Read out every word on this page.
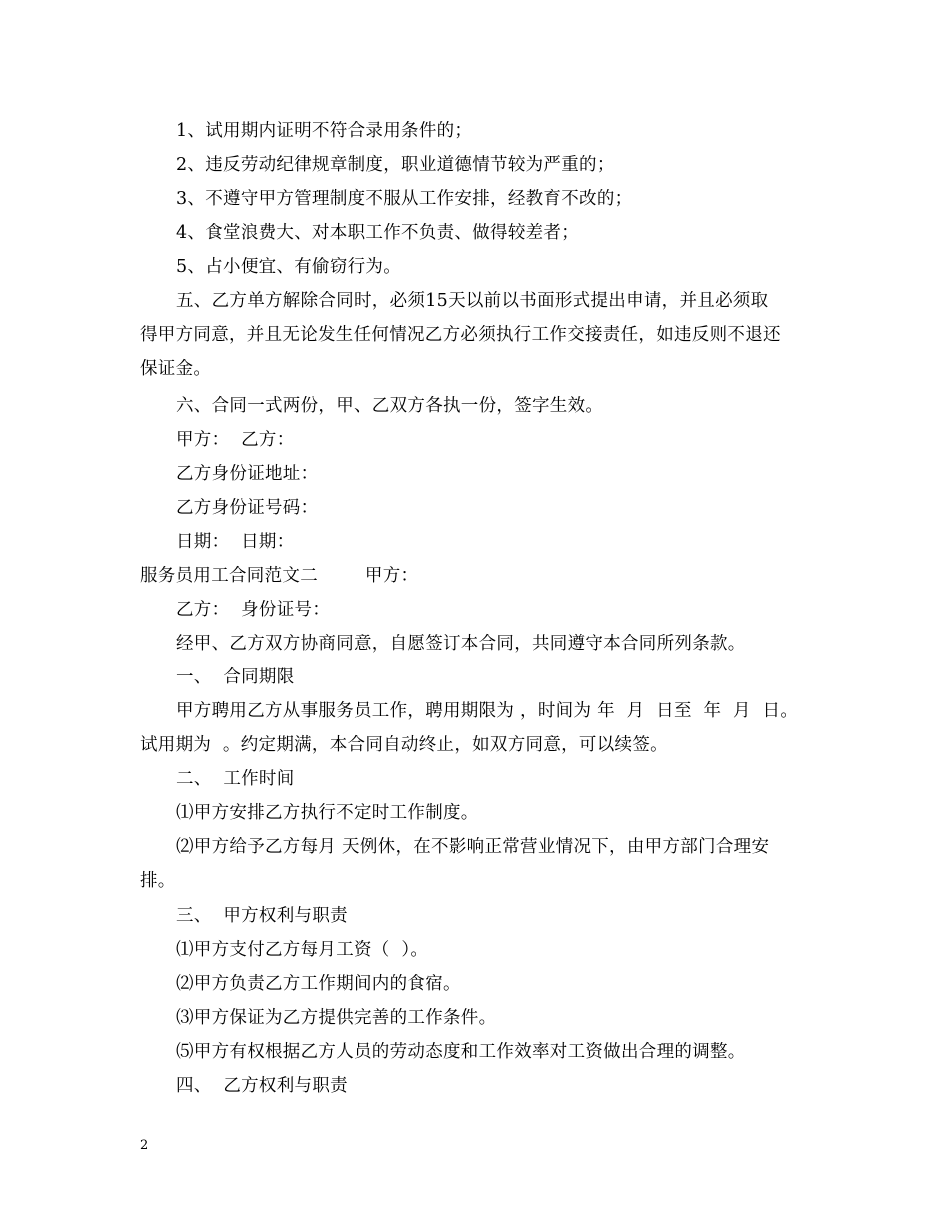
1、试用期内证明不符合录用条件的；
2、违反劳动纪律规章制度，职业道德情节较为严重的；
3、不遵守甲方管理制度不服从工作安排，经教育不改的；
4、食堂浪费大、对本职工作不负责、做得较差者；
5、占小便宜、有偷窃行为。
五、乙方单方解除合同时，必须15天以前以书面形式提出申请，并且必须取
得甲方同意，并且无论发生任何情况乙方必须执行工作交接责任，如违反则不退还
保证金。
六、合同一式两份，甲、乙双方各执一份，签字生效。
甲方：  乙方：
乙方身份证地址：
乙方身份证号码：
日期：  日期：
服务员用工合同范文二        甲方：
乙方：  身份证号：
经甲、乙方双方协商同意，自愿签订本合同，共同遵守本合同所列条款。
一、  合同期限
甲方聘用乙方从事服务员工作，聘用期限为 ，时间为 年  月  日至  年  月  日。
试用期为  。约定期满，本合同自动终止，如双方同意，可以续签。
二、  工作时间
⑴甲方安排乙方执行不定时工作制度。
⑵甲方给予乙方每月 天例休，在不影响正常营业情况下，由甲方部门合理安
排。
三、  甲方权利与职责
⑴甲方支付乙方每月工资（  ）。
⑵甲方负责乙方工作期间内的食宿。
⑶甲方保证为乙方提供完善的工作条件。
⑸甲方有权根据乙方人员的劳动态度和工作效率对工资做出合理的调整。
四、  乙方权利与职责
2
